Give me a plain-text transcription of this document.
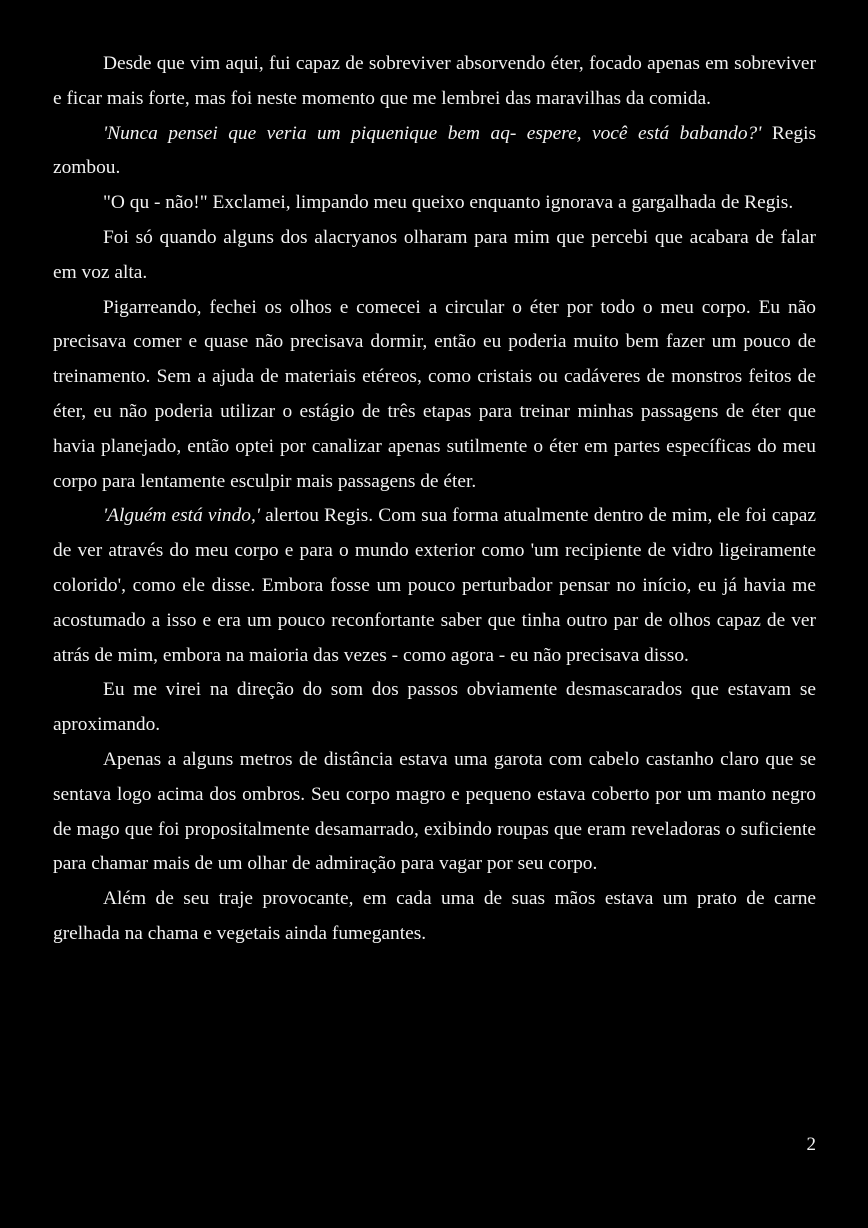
Desde que vim aqui, fui capaz de sobreviver absorvendo éter, focado apenas em sobreviver e ficar mais forte, mas foi neste momento que me lembrei das maravilhas da comida.

'Nunca pensei que veria um piquenique bem aq- espere, você está babando?' Regis zombou.

"O qu - não!" Exclamei, limpando meu queixo enquanto ignorava a gargalhada de Regis.

Foi só quando alguns dos alacryanos olharam para mim que percebi que acabara de falar em voz alta.

Pigarreando, fechei os olhos e comecei a circular o éter por todo o meu corpo. Eu não precisava comer e quase não precisava dormir, então eu poderia muito bem fazer um pouco de treinamento. Sem a ajuda de materiais etéreos, como cristais ou cadáveres de monstros feitos de éter, eu não poderia utilizar o estágio de três etapas para treinar minhas passagens de éter que havia planejado, então optei por canalizar apenas sutilmente o éter em partes específicas do meu corpo para lentamente esculpir mais passagens de éter.

'Alguém está vindo,' alertou Regis. Com sua forma atualmente dentro de mim, ele foi capaz de ver através do meu corpo e para o mundo exterior como 'um recipiente de vidro ligeiramente colorido', como ele disse. Embora fosse um pouco perturbador pensar no início, eu já havia me acostumado a isso e era um pouco reconfortante saber que tinha outro par de olhos capaz de ver atrás de mim, embora na maioria das vezes - como agora - eu não precisava disso.

Eu me virei na direção do som dos passos obviamente desmascarados que estavam se aproximando.

Apenas a alguns metros de distância estava uma garota com cabelo castanho claro que se sentava logo acima dos ombros. Seu corpo magro e pequeno estava coberto por um manto negro de mago que foi propositalmente desamarrado, exibindo roupas que eram reveladoras o suficiente para chamar mais de um olhar de admiração para vagar por seu corpo.

Além de seu traje provocante, em cada uma de suas mãos estava um prato de carne grelhada na chama e vegetais ainda fumegantes.

2
